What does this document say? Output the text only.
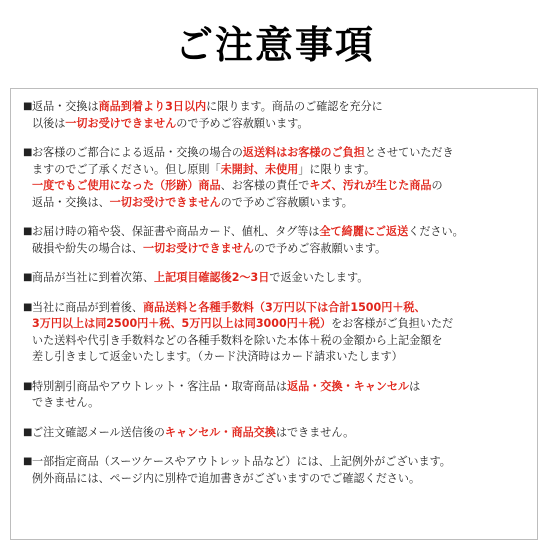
ご注意事項
■ 返品・交換は商品到着より3日以内に限ります。商品のご確認を充分に
以後は一切お受けできませんので予めご容赦願います。
■ お客様のご都合による返品・交換の場合の返送料はお客様のご負担とさせていただき
ますのでご了承ください。但し原則「未開封、未使用」に限ります。
一度でもご使用になった（形跡）商品、お客様の責任でキズ、汚れが生じた商品の
返品・交換は、一切お受けできませんので予めご容赦願います。
■ お届け時の箱や袋、保証書や商品カード、値札、タグ等は全て綺麗にご返送ください。
破損や紛失の場合は、一切お受けできませんので予めご容赦願います。
■ 商品が当社に到着次第、上記項目確認後2～3日で返金いたします。
■ 当社に商品が到着後、商品送料と各種手数料（3万円以下は合計1500円＋税、
3万円以上は同2500円＋税、5万円以上は同3000円＋税）をお客様がご負担いただ
いた送料や代引き手数料などの各種手数料を除いた本体＋税の金額から上記金額を
差し引きまして返金いたします。（カード決済時はカード請求いたします）
■ 特別割引商品やアウトレット・客注品・取寄商品は返品・交換・キャンセルは
できません。
■ ご注文確認メール送信後のキャンセル・商品交換はできません。
■ 一部指定商品（スーツケースやアウトレット品など）には、上記例外がございます。
例外商品には、ページ内に別枠で追加書きがございますのでご確認ください。
